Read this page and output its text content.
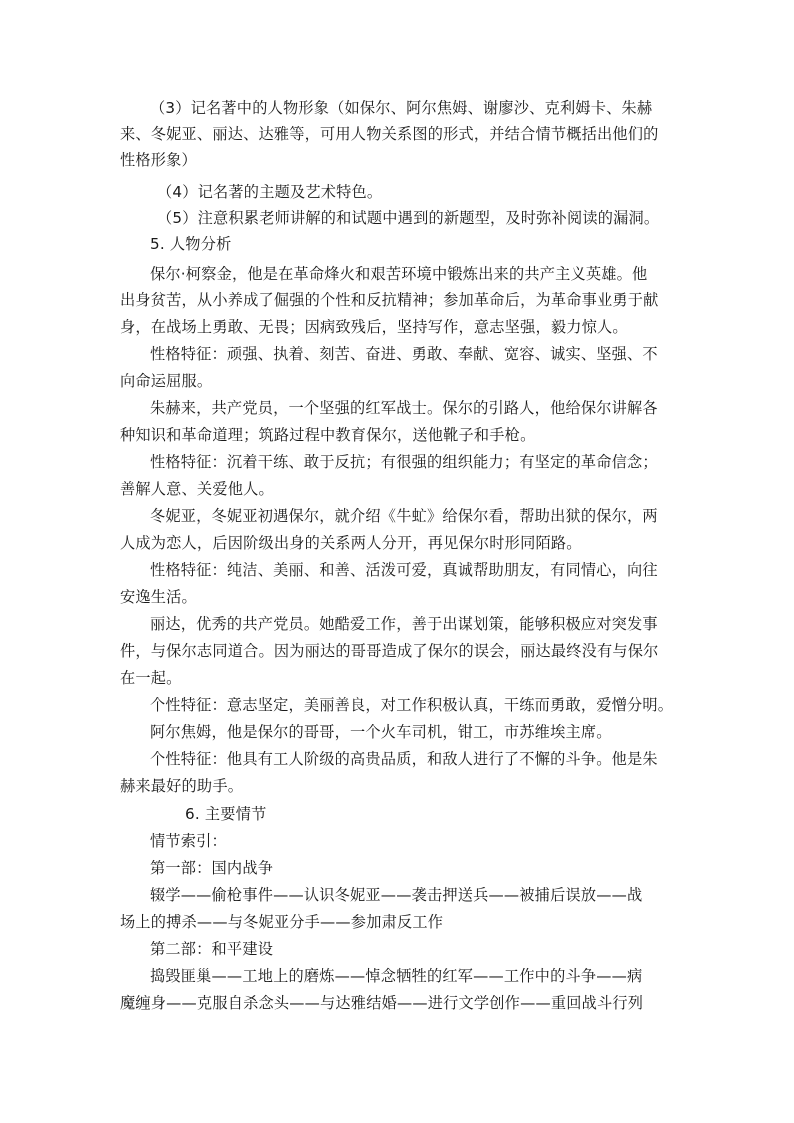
（3）记名著中的人物形象（如保尔、阿尔焦姆、谢廖沙、克利姆卡、朱赫
来、冬妮亚、丽达、达雅等，可用人物关系图的形式，并结合情节概括出他们的
性格形象）
（4）记名著的主题及艺术特色。
（5）注意积累老师讲解的和试题中遇到的新题型，及时弥补阅读的漏洞。
5. 人物分析
保尔·柯察金，他是在革命烽火和艰苦环境中锻炼出来的共产主义英雄。他
出身贫苦，从小养成了倔强的个性和反抗精神；参加革命后，为革命事业勇于献
身，在战场上勇敢、无畏；因病致残后，坚持写作，意志坚强，毅力惊人。
性格特征：顽强、执着、刻苦、奋进、勇敢、奉献、宽容、诚实、坚强、不
向命运屈服。
朱赫来，共产党员，一个坚强的红军战士。保尔的引路人，他给保尔讲解各
种知识和革命道理；筑路过程中教育保尔，送他靴子和手枪。
性格特征：沉着干练、敢于反抗；有很强的组织能力；有坚定的革命信念；
善解人意、关爱他人。
冬妮亚，冬妮亚初遇保尔，就介绍《牛虻》给保尔看，帮助出狱的保尔，两
人成为恋人，后因阶级出身的关系两人分开，再见保尔时形同陌路。
性格特征：纯洁、美丽、和善、活泼可爱，真诚帮助朋友，有同情心，向往
安逸生活。
丽达，优秀的共产党员。她酷爱工作，善于出谋划策，能够积极应对突发事
件，与保尔志同道合。因为丽达的哥哥造成了保尔的误会，丽达最终没有与保尔
在一起。
个性特征：意志坚定，美丽善良，对工作积极认真，干练而勇敢，爱憎分明。
阿尔焦姆，他是保尔的哥哥，一个火车司机，钳工，市苏维埃主席。
个性特征：他具有工人阶级的高贵品质，和敌人进行了不懈的斗争。他是朱
赫来最好的助手。
6. 主要情节
情节索引：
第一部：国内战争
辍学——偷枪事件——认识冬妮亚——袭击押送兵——被捕后误放——战
场上的搏杀——与冬妮亚分手——参加肃反工作
第二部：和平建设
捣毁匪巢——工地上的磨炼——悼念牺牲的红军——工作中的斗争——病
魔缠身——克服自杀念头——与达雅结婚——进行文学创作——重回战斗行列
